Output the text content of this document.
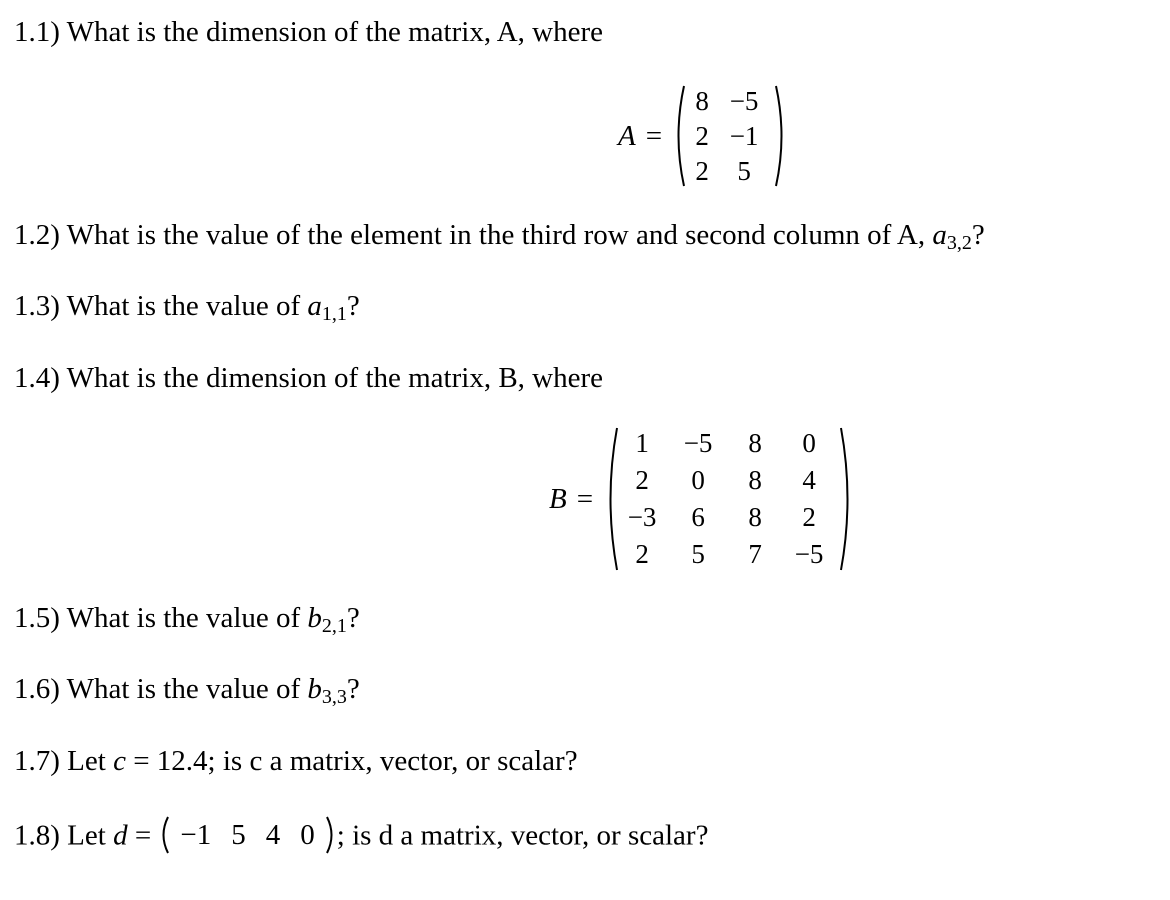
1.1) What is the dimension of the matrix, A, where
A =
8 −5
2 −1
2	5
1.2) What is the value of the element in the third row and second column of A, $a_{3,2}$?
1.3) What is the value of $a_{1,1}$?
1.4) What is the dimension of the matrix, B, where
B =
1	−5	8	0
2	0	8	4
−3	6	8	2
2	5	7	−5
1.5) What is the value of $b_{2,1}$?
1.6) What is the value of $b_{3,3}$?
1.7) Let c = 12.4; is c a matrix, vector, or scalar?
1.8) Let d =	−1 5 4 0 ; is d a matrix, vector, or scalar?
